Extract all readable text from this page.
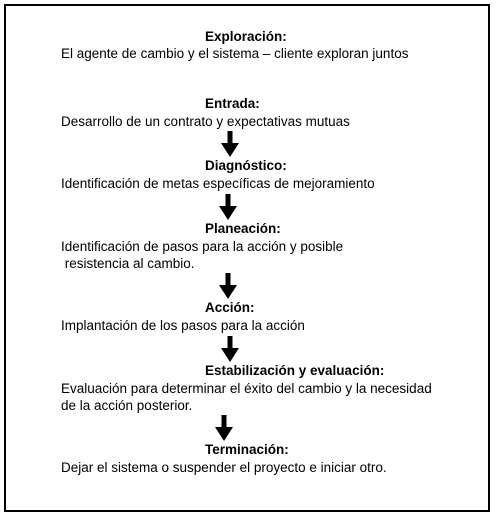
Exploración:
El agente de cambio y el sistema – cliente exploran juntos
Entrada:
Desarrollo de un contrato y expectativas mutuas
Diagnóstico:
Identificación de metas específicas de mejoramiento
Planeación:
Identificación de pasos para la acción y posible
resistencia al cambio.
Acción:
Implantación de los pasos para la acción
Estabilización y evaluación:
Evaluación para determinar el éxito del cambio y la necesidad
de la acción posterior.
Terminación:
Dejar el sistema o suspender el proyecto e iniciar otro.
